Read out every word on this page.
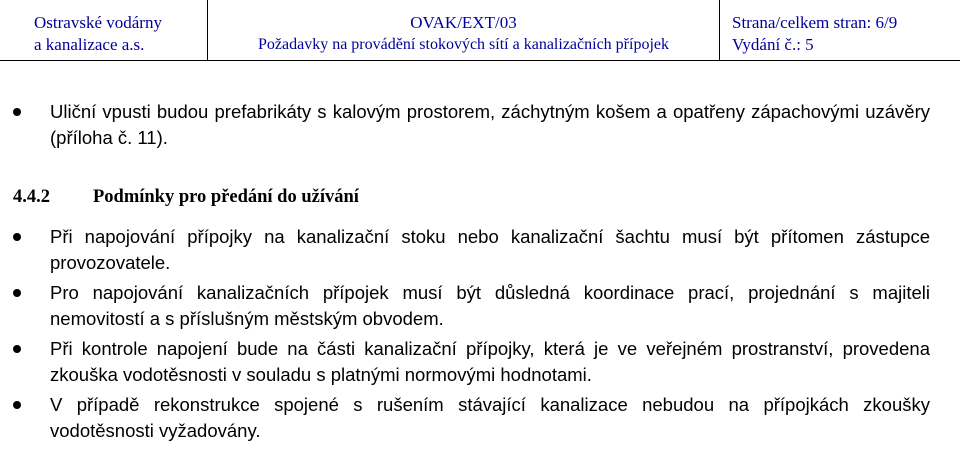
Ostravské vodárny
a kanalizace a.s.
OVAK/EXT/03
Požadavky na provádění stokových sítí a kanalizačních přípojek
Strana/celkem stran: 6/9
Vydání č.: 5
Uliční vpusti budou prefabrikáty s kalovým prostorem, záchytným košem a opatřeny zápachovými uzávěry (příloha č. 11).
4.4.2	Podmínky pro předání do užívání
Při napojování přípojky na kanalizační stoku nebo kanalizační šachtu musí být přítomen zástupce provozovatele.
Pro napojování kanalizačních přípojek musí být důsledná koordinace prací, projednání s majiteli nemovitostí a s příslušným městským obvodem.
Při kontrole napojení bude na části kanalizační přípojky, která je ve veřejném prostranství, provedena zkouška vodotěsnosti v souladu s platnými normovými hodnotami.
V případě rekonstrukce spojené s rušením stávající kanalizace nebudou na přípojkách zkoušky vodotěsnosti vyžadovány.
